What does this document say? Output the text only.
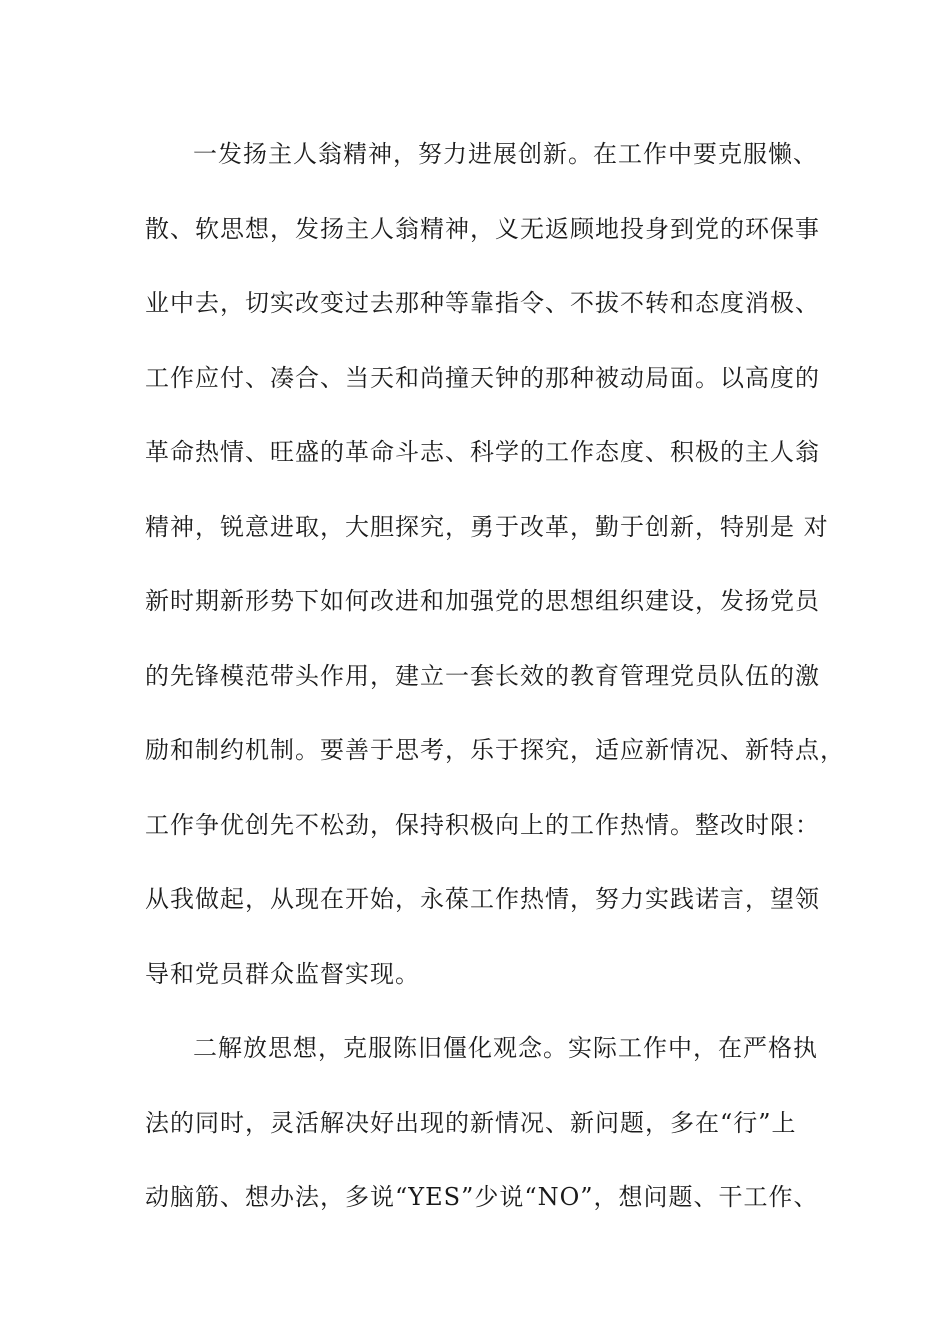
一发扬主人翁精神，努力进展创新。在工作中要克服懒、
散、软思想，发扬主人翁精神，义无返顾地投身到党的环保事
业中去，切实改变过去那种等靠指令、不拔不转和态度消极、
工作应付、凑合、当天和尚撞天钟的那种被动局面。以高度的
革命热情、旺盛的革命斗志、科学的工作态度、积极的主人翁
精神，锐意进取，大胆探究，勇于改革，勤于创新，特别是 对
新时期新形势下如何改进和加强党的思想组织建设，发扬党员
的先锋模范带头作用，建立一套长效的教育管理党员队伍的激
励和制约机制。要善于思考，乐于探究，适应新情况、新特点，
工作争优创先不松劲，保持积极向上的工作热情。整改时限：
从我做起，从现在开始，永葆工作热情，努力实践诺言，望领
导和党员群众监督实现。
二解放思想，克服陈旧僵化观念。实际工作中，在严格执
法的同时，灵活解决好出现的新情况、新问题，多在“行”上
动脑筋、想办法，多说“YES”少说“NO”，想问题、干工作、
